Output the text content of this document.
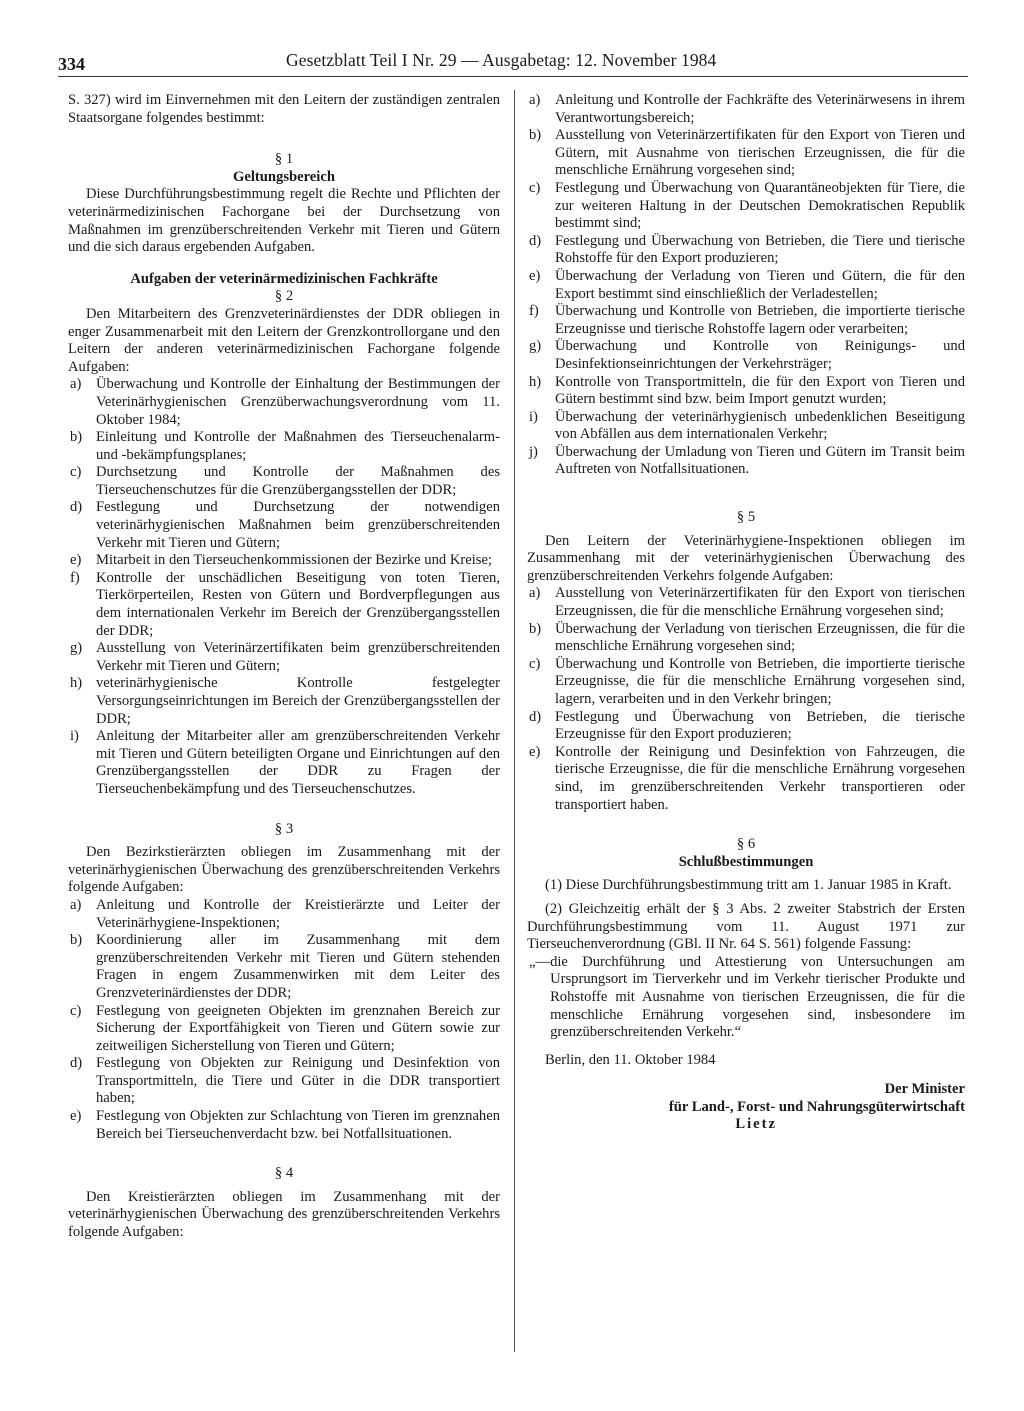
334	Gesetzblatt Teil I Nr. 29 — Ausgabetag: 12. November 1984

S. 327) wird im Einvernehmen mit den Leitern der zuständigen zentralen Staatsorgane folgendes bestimmt:

§ 1

Geltungsbereich

Diese Durchführungsbestimmung regelt die Rechte und Pflichten der veterinärmedizinischen Fachorgane bei der Durchsetzung von Maßnahmen im grenzüberschreitenden Verkehr mit Tieren und Gütern und die sich daraus ergebenden Aufgaben.

Aufgaben der veterinärmedizinischen Fachkräfte

§ 2

Den Mitarbeitern des Grenzveterinärdienstes der DDR obliegen in enger Zusammenarbeit mit den Leitern der Grenzkontrollorgane und den Leitern der anderen veterinärmedizinischen Fachorgane folgende Aufgaben:

a)	Überwachung und Kontrolle der Einhaltung der Bestimmungen der Veterinärhygienischen Grenzüberwachungsverordnung vom 11. Oktober 1984;
b) Einleitung und Kontrolle der Maßnahmen des Tierseuchenalarm- und -bekämpfungsplanes;
c)	Durchsetzung und Kontrolle der Maßnahmen des Tierseuchenschutzes für die Grenzübergangsstellen der DDR;
d) Festlegung und Durchsetzung der notwendigen veterinärhygienischen Maßnahmen beim grenzüberschreitenden Verkehr mit Tieren und Gütern;
e)	Mitarbeit in den Tierseuchenkommissionen der Bezirke und Kreise;
f)	Kontrolle der unschädlichen Beseitigung von toten Tieren, Tierkörperteilen, Resten von Gütern und Bordverpflegungen aus dem internationalen Verkehr im Bereich der Grenzübergangsstellen der DDR;
g) Ausstellung von Veterinärzertifikaten beim grenzüberschreitenden Verkehr mit Tieren und Gütern;
h) veterinärhygienische Kontrolle festgelegter Versorgungseinrichtungen im Bereich der Grenzübergangsstellen der DDR;
i)	Anleitung der Mitarbeiter aller am grenzüberschreitenden Verkehr mit Tieren und Gütern beteiligten Organe und Einrichtungen auf den Grenzübergangsstellen der DDR zu Fragen der Tierseuchenbekämpfung und des Tierseuchenschutzes.

§ 3

Den Bezirkstierärzten obliegen im Zusammenhang mit der veterinärhygienischen Überwachung des grenzüberschreitenden Verkehrs folgende Aufgaben:

a)	Anleitung und Kontrolle der Kreistierärzte und Leiter der Veterinärhygiene-Inspektionen;
b) Koordinierung aller im Zusammenhang mit dem grenzüberschreitenden Verkehr mit Tieren und Gütern stehenden Fragen in engem Zusammenwirken mit dem Leiter des Grenzveterinärdienstes der DDR;
c)	Festlegung von geeigneten Objekten im grenznahen Bereich zur Sicherung der Exportfähigkeit von Tieren und Gütern sowie zur zeitweiligen Sicherstellung von Tieren und Gütern;
d) Festlegung von Objekten zur Reinigung und Desinfektion von Transportmitteln, die Tiere und Güter in die DDR transportiert haben;
e)	Festlegung von Objekten zur Schlachtung von Tieren im grenznahen Bereich bei Tierseuchenverdacht bzw. bei Notfallsituationen.

§ 4

Den Kreistierärzten obliegen im Zusammenhang mit der veterinärhygienischen Überwachung des grenzüberschreitenden Verkehrs folgende Aufgaben:

a)	Anleitung und Kontrolle der Fachkräfte des Veterinärwesens in ihrem Verantwortungsbereich;
b) Ausstellung von Veterinärzertifikaten für den Export von Tieren und Gütern, mit Ausnahme von tierischen Erzeugnissen, die für die menschliche Ernährung vorgesehen sind;
c)	Festlegung und Überwachung von Quarantäneobjekten für Tiere, die zur weiteren Haltung in der Deutschen Demokratischen Republik bestimmt sind;
d) Festlegung und Überwachung von Betrieben, die Tiere und tierische Rohstoffe für den Export produzieren;
e)	Überwachung der Verladung von Tieren und Gütern, die für den Export bestimmt sind einschließlich der Verladestellen;
f)	Überwachung und Kontrolle von Betrieben, die importierte tierische Erzeugnisse und tierische Rohstoffe lagern oder verarbeiten;
g) Überwachung und Kontrolle von Reinigungs- und Desinfektionseinrichtungen der Verkehrsträger;
h) Kontrolle von Transportmitteln, die für den Export von Tieren und Gütern bestimmt sind bzw. beim Import genutzt wurden;
i)	Überwachung der veterinärhygienisch unbedenklichen Beseitigung von Abfällen aus dem internationalen Verkehr;
j)	Überwachung der Umladung von Tieren und Gütern im Transit beim Auftreten von Notfallsituationen.

§ 5

Den Leitern der Veterinärhygiene-Inspektionen obliegen im Zusammenhang mit der veterinärhygienischen Überwachung des grenzüberschreitenden Verkehrs folgende Aufgaben:

a)	Ausstellung von Veterinärzertifikaten für den Export von tierischen Erzeugnissen, die für die menschliche Ernährung vorgesehen sind;
b) Überwachung der Verladung von tierischen Erzeugnissen, die für die menschliche Ernährung vorgesehen sind;
c)	Überwachung und Kontrolle von Betrieben, die importierte tierische Erzeugnisse, die für die menschliche Ernährung vorgesehen sind, lagern, verarbeiten und in den Verkehr bringen;
d) Festlegung und Überwachung von Betrieben, die tierische Erzeugnisse für den Export produzieren;
e)	Kontrolle der Reinigung und Desinfektion von Fahrzeugen, die tierische Erzeugnisse, die für die menschliche Ernährung vorgesehen sind, im grenzüberschreitenden Verkehr transportieren oder transportiert haben.

§ 6

Schlußbestimmungen

(1) Diese Durchführungsbestimmung tritt am 1. Januar 1985 in Kraft.

(2) Gleichzeitig erhält der § 3 Abs. 2 zweiter Stabstrich der Ersten Durchführungsbestimmung vom 11. August 1971 zur Tierseuchenverordnung (GBl. II Nr. 64 S. 561) folgende Fassung:

„— die Durchführung und Attestierung von Untersuchungen am Ursprungsort im Tierverkehr und im Verkehr tierischer Produkte und Rohstoffe mit Ausnahme von tierischen Erzeugnissen, die für die menschliche Ernährung vorgesehen sind, insbesondere im grenzüberschreitenden Verkehr.“

Berlin, den 11. Oktober 1984

Der Minister

für Land-, Forst- und Nahrungsgüterwirtschaft

Lietz
